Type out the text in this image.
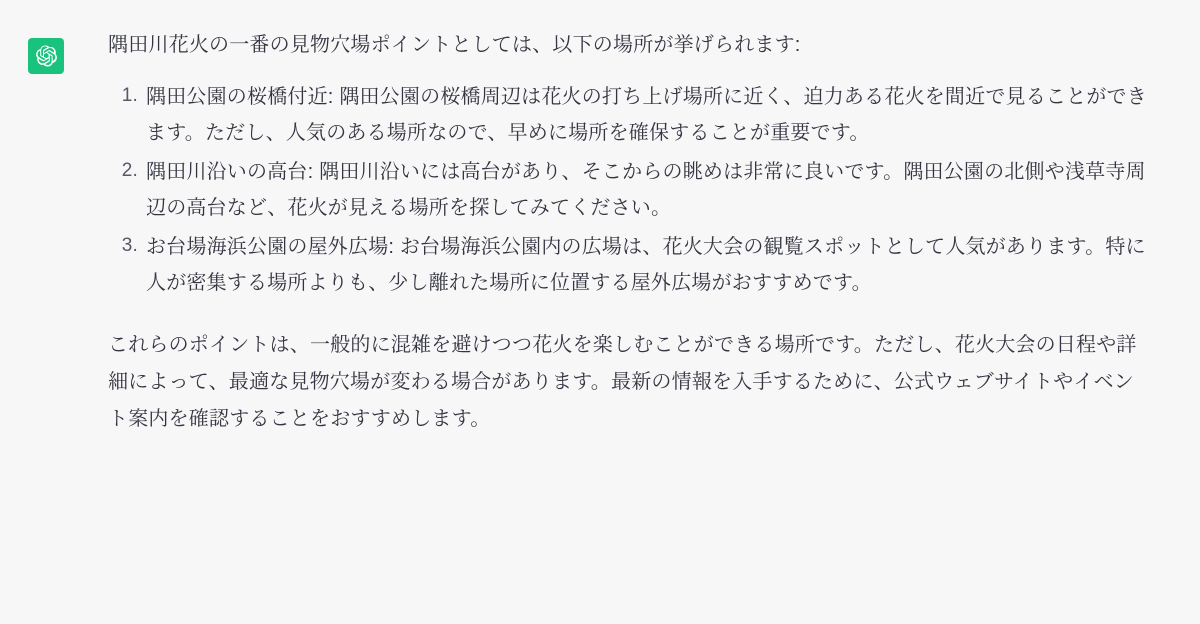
隅田川花火の一番の見物穴場ポイントとしては、以下の場所が挙げられます:

隅田公園の桜橋付近: 隅田公園の桜橋周辺は花火の打ち上げ場所に近く、迫力ある花火を間近で見ることができます。ただし、人気のある場所なので、早めに場所を確保することが重要です。
隅田川沿いの高台: 隅田川沿いには高台があり、そこからの眺めは非常に良いです。隅田公園の北側や浅草寺周辺の高台など、花火が見える場所を探してみてください。
お台場海浜公園の屋外広場: お台場海浜公園内の広場は、花火大会の観覧スポットとして人気があります。特に人が密集する場所よりも、少し離れた場所に位置する屋外広場がおすすめです。

これらのポイントは、一般的に混雑を避けつつ花火を楽しむことができる場所です。ただし、花火大会の日程や詳細によって、最適な見物穴場が変わる場合があります。最新の情報を入手するために、公式ウェブサイトやイベント案内を確認することをおすすめします。
